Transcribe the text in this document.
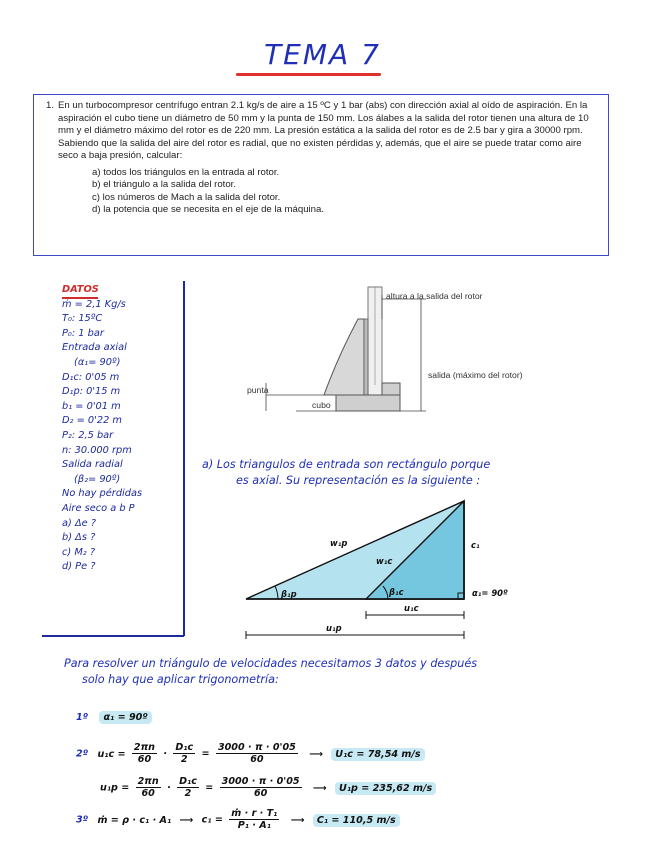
TEMA 7
1. En un turbocompresor centrífugo entran 2.1 kg/s de aire a 15 ºC y 1 bar (abs) con dirección axial al oído de aspiración. En la aspiración el cubo tiene un diámetro de 50 mm y la punta de 150 mm. Los álabes a la salida del rotor tienen una altura de 10 mm y el diámetro máximo del rotor es de 220 mm. La presión estática a la salida del rotor es de 2.5 bar y gira a 30000 rpm. Sabiendo que la salida del aire del rotor es radial, que no existen pérdidas y, además, que el aire se puede tratar como aire seco a baja presión, calcular:
a) todos los triángulos en la entrada al rotor.
b) el triángulo a la salida del rotor.
c) los números de Mach a la salida del rotor.
d) la potencia que se necesita en el eje de la máquina.
DATOS
ṁ = 2,1 Kg/s
T₀: 15ºC
P₀: 1 bar
Entrada axial
(α₁= 90º)
D₁c: 0'05 m
D₁p: 0'15 m
b₁ = 0'01 m
D₂ = 0'22 m
P₂: 2,5 bar
n: 30.000 rpm
Salida radial
(β₂= 90º)
No hay pérdidas
Aire seco a b P
a) Δe ?
b) Δs ?
c) M₂ ?
d) Pe ?
altura a la salida del rotor
salida (máximo del rotor)
punta
cubo
a) Los triangulos de entrada son rectángulo porque
es axial. Su representación es la siguiente :
w₁p
w₁c
c₁
β₁p	β₁c
u₁c
u₁p
α₁= 90º
Para resolver un triángulo de velocidades necesitamos 3 datos y después
solo hay que aplicar trigonometría:
1º α₁ = 90º
2º $u_1c = \frac{2\pi n}{60} \cdot \frac{\text{D₁c}}{2} = \frac{3000 \cdot \pi \cdot 0'05}{60}$ ⟶ U₁c = 78,54 m/s
$u_1p = \frac{2\pi n}{60} \cdot \frac{\text{D₁c}}{2} = \frac{3000 \cdot \pi \cdot 0'05}{60}$ ⟶ U₁p = 235,62 m/s
3º ṁ = ρ · c₁ · A₁ ⟶ $c_1 = \frac{\text{ṁ · r · T₁}}{\text{P₁ · A₁}}$ ⟶ C₁ = 110,5 m/s
